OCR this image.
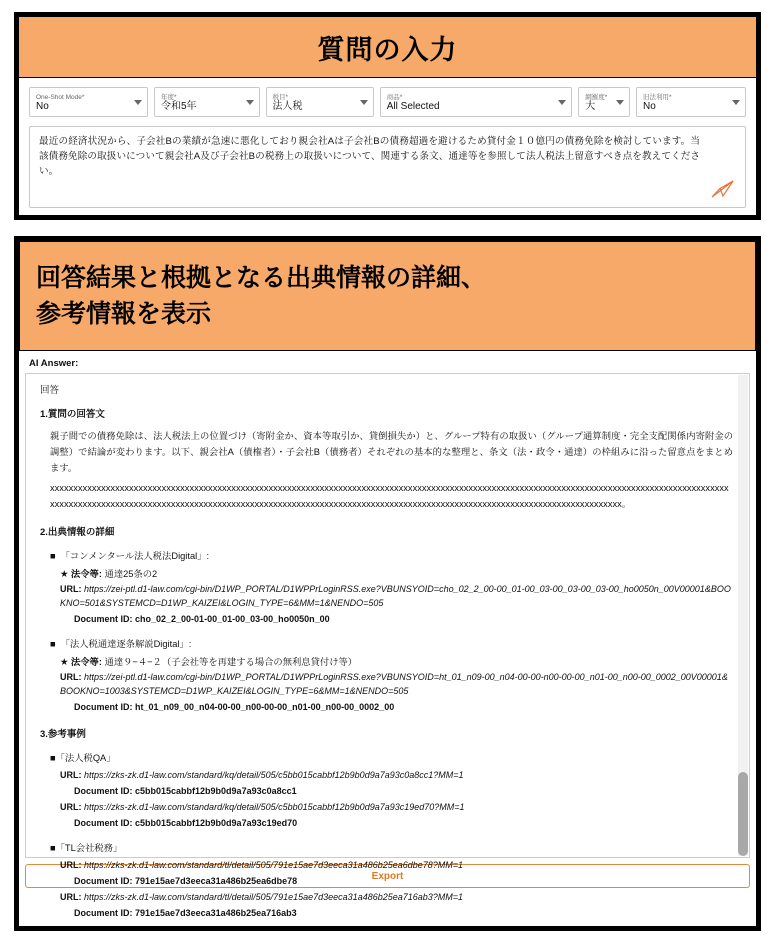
質問の入力
One-Shot Mode*
No
年度*
令和5年
税目*
法人税
商品*
All Selected
網羅度*
大
旧法利用*
No
最近の経済状況から、子会社Bの業績が急速に悪化しており親会社Aは子会社Bの債務超過を避けるため貸付金１０億円の債務免除を検討しています。当該債務免除の取扱いについて親会社A及び子会社Bの税務上の取扱いについて、関連する条文、通達等を参照して法人税法上留意すべき点を教えてください。
回答結果と根拠となる出典情報の詳細、
参考情報を表示
AI Answer:
回答
1.質問の回答文
親子間での債務免除は、法人税法上の位置づけ（寄附金か、資本等取引か、貸倒損失か）と、グループ特有の取扱い（グループ通算制度・完全支配関係内寄附金の調整）で結論が変わります。以下、親会社A（債権者）・子会社B（債務者）それぞれの基本的な整理と、条文（法・政令・通達）の枠組みに沿った留意点をまとめます。
xxxxxxxxxxxxxxxxxxxxxxxxxxxxxxxxxxxxxxxxxxxxxxxxxxxxxxxxxxxxxxxxxxxxxxxxxxxxxxxxxxxxxxxxxxxxxxxxxxxxxxxxxxxxxxxxxxxxxxxxxxxxxxxxxxxxxxxxxxxxxxxxxxxxxxxxxxxxxxxxxxxxxxxxxxxxxxxxxxxxxxxxxxxxxxxxxxxxxxxxxxxxxxxxxxxxxxxxxxxxxxxxxxxxxxxxxxxxxxxxxxxxxxxxxxxxxxxxxxxxxxxxxxxxx。
2.出典情報の詳細
■ 「コンメンタール法人税法Digital」:
★ 法令等: 通達25条の2
URL: https://zei-ptl.d1-law.com/cgi-bin/D1WP_PORTAL/D1WPPrLoginRSS.exe?VBUNSYOID=cho_02_2_00-00_01-00_03-00_03-00_03-00_ho0050n_00V00001&BOOKNO=501&SYSTEMCD=D1WP_KAIZEI&LOGIN_TYPE=6&MM=1&NENDO=505
Document ID: cho_02_2_00-01-00_01-00_03-00_ho0050n_00
■ 「法人税通達逐条解説Digital」:
★ 法令等: 通達９−４−２（子会社等を再建する場合の無利息貸付け等）
URL: https://zei-ptl.d1-law.com/cgi-bin/D1WP_PORTAL/D1WPPrLoginRSS.exe?VBUNSYOID=ht_01_n09-00_n04-00-00-n00-00-00_n01-00_n00-00_0002_00V00001&BOOKNO=1003&SYSTEMCD=D1WP_KAIZEI&LOGIN_TYPE=6&MM=1&NENDO=505
Document ID: ht_01_n09_00_n04-00-00_n00-00-00_n01-00_n00-00_0002_00
3.参考事例
■「法人税QA」
URL: https://zks-zk.d1-law.com/standard/kq/detail/505/c5bb015cabbf12b9b0d9a7a93c0a8cc1?MM=1
Document ID: c5bb015cabbf12b9b0d9a7a93c0a8cc1
URL: https://zks-zk.d1-law.com/standard/kq/detail/505/c5bb015cabbf12b9b0d9a7a93c19ed70?MM=1
Document ID: c5bb015cabbf12b9b0d9a7a93c19ed70
■「TL会社税務」
URL: https://zks-zk.d1-law.com/standard/tl/detail/505/791e15ae7d3eeca31a486b25ea6dbe78?MM=1
Document ID: 791e15ae7d3eeca31a486b25ea6dbe78
URL: https://zks-zk.d1-law.com/standard/tl/detail/505/791e15ae7d3eeca31a486b25ea716ab3?MM=1
Document ID: 791e15ae7d3eeca31a486b25ea716ab3
Export
